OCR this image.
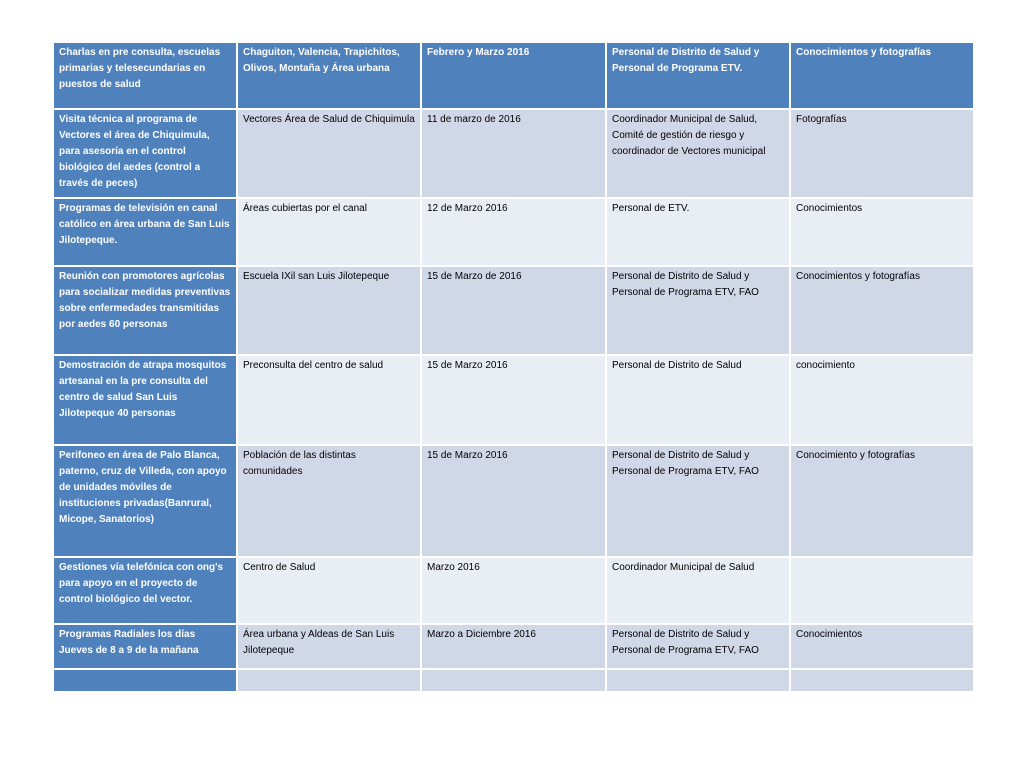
Charlas en pre consulta, escuelas primarias y telesecundarias en puestos de salud	Chaguiton, Valencia, Trapichitos, Olivos, Montaña y Área urbana	Febrero y Marzo 2016	Personal de Distrito de Salud y Personal de Programa ETV.	Conocimientos y fotografías
Visita técnica al programa de Vectores el área de Chiquimula, para asesoría en el control biológico del aedes (control a través de peces)	Vectores Área de Salud de Chiquimula	11 de marzo de 2016	Coordinador Municipal de Salud, Comité de gestión de riesgo y coordinador de Vectores municipal	Fotografías
Programas de televisión en canal católico en área urbana de San Luis Jilotepeque.	Áreas cubiertas por el canal	12 de Marzo 2016	Personal de ETV.	Conocimientos
Reunión con promotores agrícolas para socializar medidas preventivas sobre enfermedades transmitidas por aedes 60 personas	Escuela IXil san Luis Jilotepeque	15 de Marzo de 2016	Personal de Distrito de Salud y Personal de Programa ETV, FAO	Conocimientos y fotografías
Demostración de atrapa mosquitos artesanal en la pre consulta del centro de salud San Luis Jilotepeque 40 personas	Preconsulta del centro de salud	15 de Marzo 2016	Personal de Distrito de Salud	conocimiento
Perifoneo en área de Palo Blanca, paterno, cruz de Villeda, con apoyo de unidades móviles de instituciones privadas(Banrural, Micope, Sanatorios)	Población de las distintas comunidades	15 de Marzo 2016	Personal de Distrito de Salud y Personal de Programa ETV, FAO	Conocimiento y fotografías
Gestiones vía telefónica con ong's para apoyo en el proyecto de control biológico del vector.	Centro de Salud	Marzo 2016	Coordinador Municipal de Salud	
Programas Radiales los días Jueves de 8 a 9 de la mañana	Área urbana y Aldeas de San Luis Jilotepeque	Marzo a Diciembre 2016	Personal de Distrito de Salud y Personal de Programa ETV, FAO	Conocimientos
